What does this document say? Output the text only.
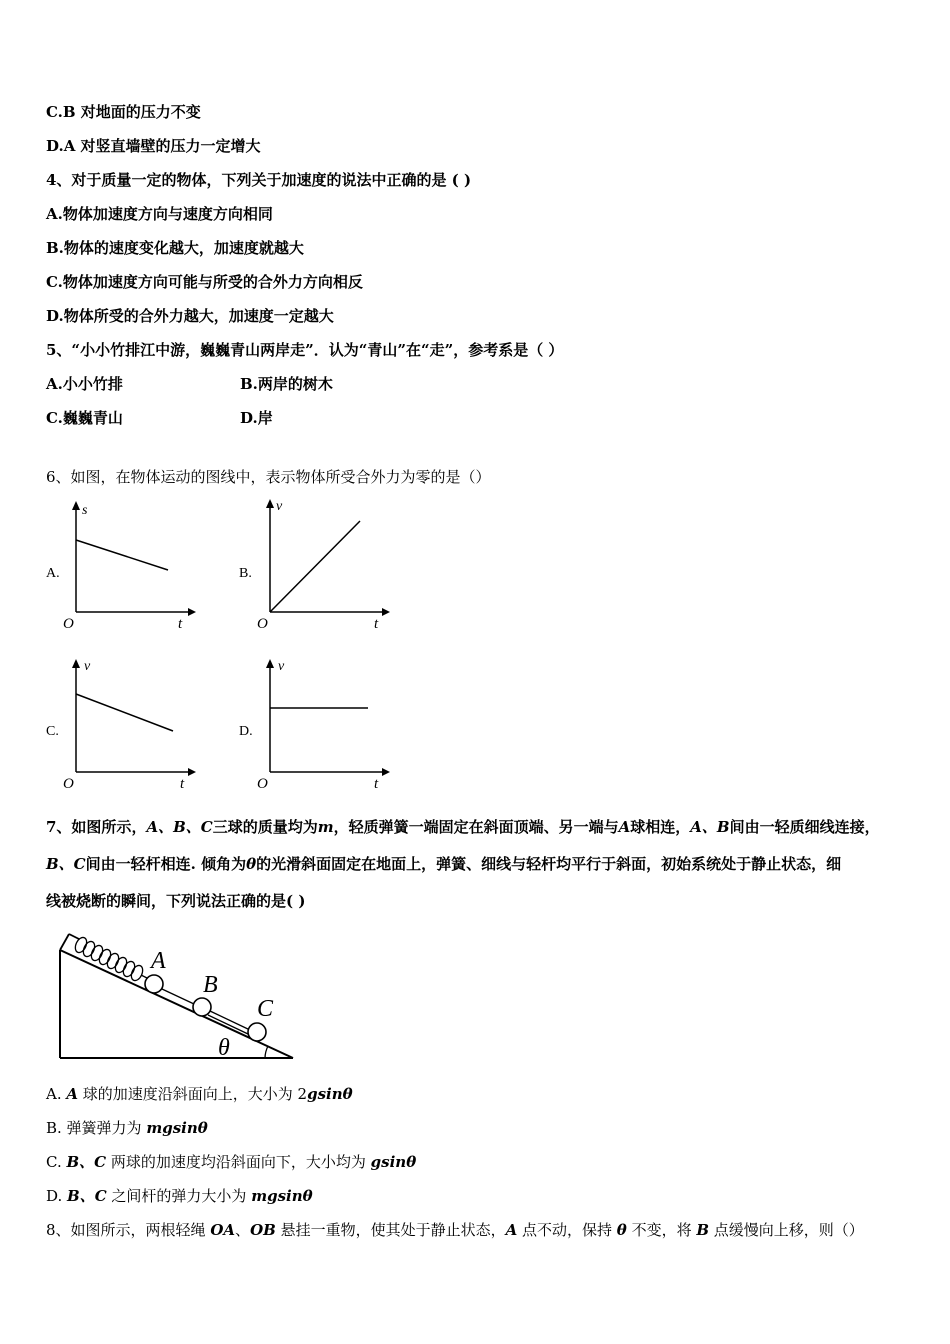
C.B 对地面的压力不变
D.A 对竖直墙壁的压力一定增大
4、对于质量一定的物体，下列关于加速度的说法中正确的是 ( )
A.物体加速度方向与速度方向相同
B.物体的速度变化越大，加速度就越大
C.物体加速度方向可能与所受的合外力方向相反
D.物体所受的合外力越大，加速度一定越大
5、“小小竹排江中游，巍巍青山两岸走”．认为“青山”在“走”，参考系是（ ）
A.小小竹排	B.两岸的树木
C.巍巍青山	D.岸
6、如图，在物体运动的图线中，表示物体所受合外力为零的是（）
A.
s
t
O
B.
v
t
O
C.
v
t
O
D.
v
t
O
7、如图所示，A、B、C三球的质量均为m，轻质弹簧一端固定在斜面顶端、另一端与A球相连，A、B间由一轻质细线连接，
B、C间由一轻杆相连. 倾角为θ的光滑斜面固定在地面上，弹簧、细线与轻杆均平行于斜面，初始系统处于静止状态，细
线被烧断的瞬间，下列说法正确的是( )
A
B
C
θ
A. A 球的加速度沿斜面向上，大小为 2gsinθ
B. 弹簧弹力为 mgsinθ
C. B、C 两球的加速度均沿斜面向下，大小均为 gsinθ
D. B、C 之间杆的弹力大小为 mgsinθ
8、如图所示，两根轻绳 OA、OB 悬挂一重物，使其处于静止状态，A 点不动，保持 θ 不变，将 B 点缓慢向上移，则（）
